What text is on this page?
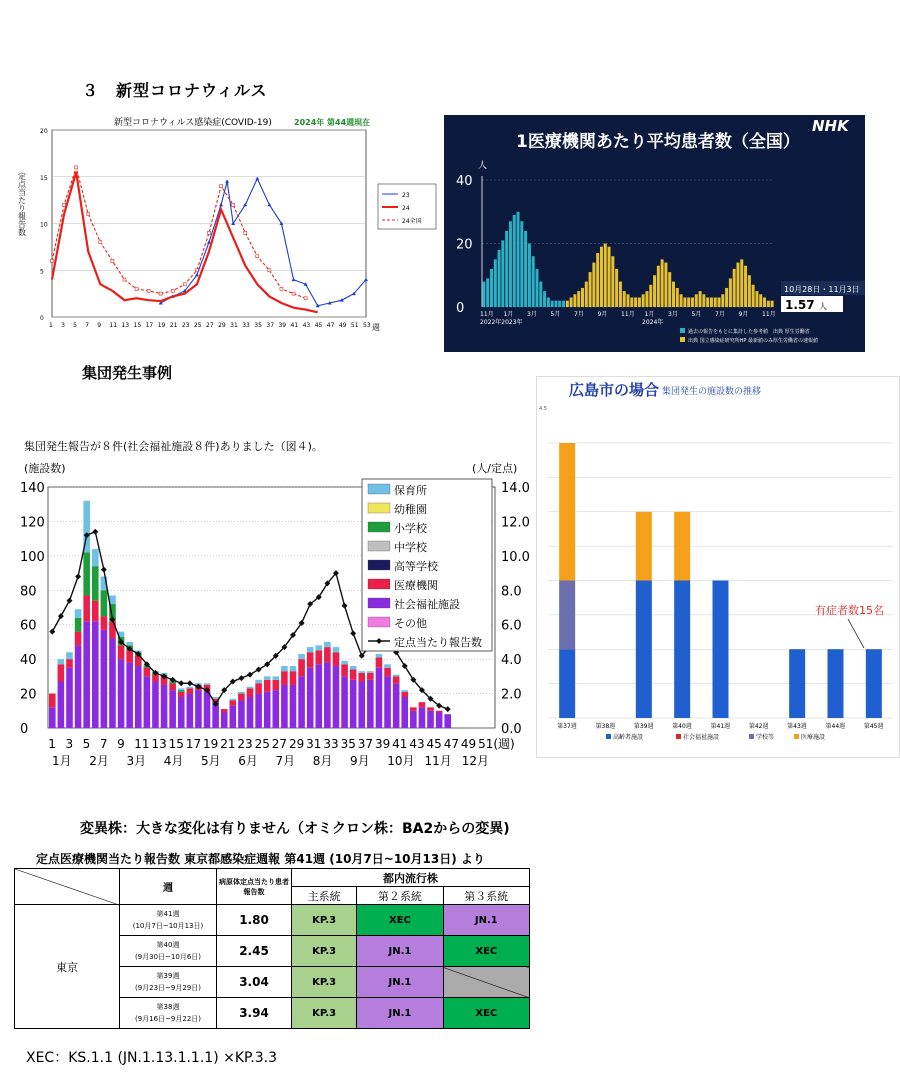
３　新型コロナウィルス
新型コロナウィルス感染症(COVID-19)	2024年 第44週現在
0
5
10
15
20
1 3 5 7 9 11 13 15 17 19 21 23 25 27 29 31 33 35 37 39 41 43 45 47 49 51 53
23
24
24全国
定点当たり報告数
週
NHK
1医療機関あたり平均患者数（全国）
人
0
20
40
11月 1月 3月 5月 7月 9月 11月 1月 3月 5月 7月 9月 11月
2022年2023年	2024年
10月28日・11月3日
1.57 人
過去の報告をもとに集計した参考値　出典 厚生労働省
出典 国立感染症研究所HP 最新値のみ厚生労働省の速報値
集団発生事例
集団発生報告が８件(社会福祉施設８件)ありました（図４)。
(施設数)	(人/定点)
0	0.0
20	2.0
40	4.0
60	6.0
80	8.0
100	10.0
120	12.0
140	14.0
1 3 5 7 9 11 13 15 17 19 21 23 25 27 29 31 33 35 37 39 41 43 45 47 49 51(週)
1月 2月 3月 4月 5月 6月 7月 8月 9月 10月 11月 12月
保育所
幼稚園
小学校
中学校
高等学校
医療機関
社会福祉施設
その他
定点当たり報告数
広島市の場合 集団発生の施設数の推移
4.5
第37週	第38週	第39週	第40週	第41週	第42週	第43週	第44週	第45週
有症者数15名
高齢者施設	社会福祉施設	学校等	医療施設
変異株：大きな変化は有りません（オミクロン株：BA2からの変異)
定点医療機関当たり報告数 東京都感染症週報 第41週 (10月7日~10月13日) より
	週	病原体定点当たり患者報告数	都内流行株		
			主系統	第２系統	第３系統
東京	第41週
(10月7日~10月13日)	1.80	KP.3	XEC	JN.1
	第40週
(9月30日~10月6日)	2.45	KP.3	JN.1	XEC
	第39週
(9月23日~9月29日)	3.04	KP.3	JN.1	
	第38週
(9月16日~9月22日)	3.94	KP.3	JN.1	XEC
XEC：KS.1.1 (JN.1.13.1.1.1) ×KP.3.3
